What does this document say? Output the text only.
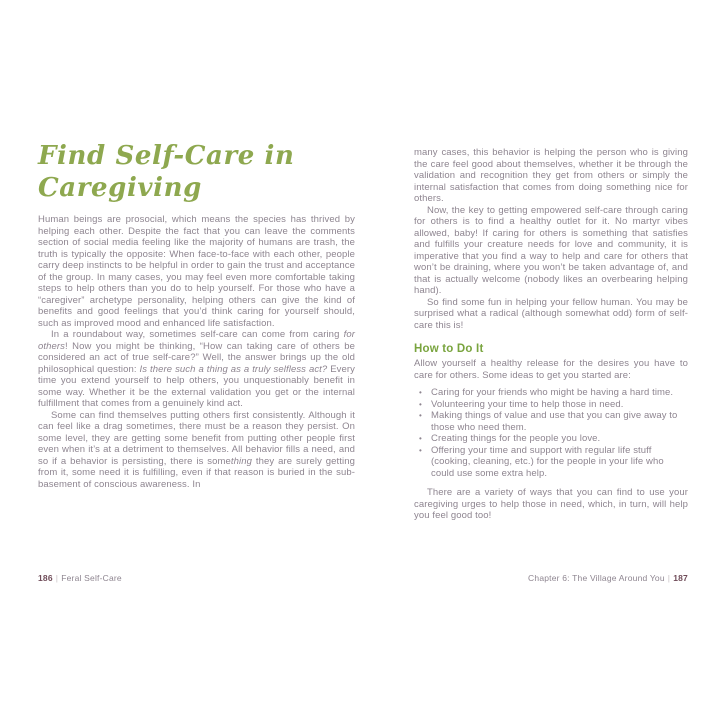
Find Self-Care in
Caregiving

Human beings are prosocial, which means the species has thrived by helping each other. Despite the fact that you can leave the comments section of social media feeling like the majority of humans are trash, the truth is typically the opposite: When face-to-face with each other, people carry deep instincts to be helpful in order to gain the trust and acceptance of the group. In many cases, you may feel even more comfortable taking steps to help others than you do to help yourself. For those who have a “caregiver” archetype personality, helping others can give the kind of benefits and good feelings that you’d think caring for yourself should, such as improved mood and enhanced life satisfaction.

In a roundabout way, sometimes self-care can come from caring for others! Now you might be thinking, “How can taking care of others be considered an act of true self-care?” Well, the answer brings up the old philosophical question: Is there such a thing as a truly selfless act? Every time you extend yourself to help others, you unquestionably benefit in some way. Whether it be the external validation you get or the internal fulfillment that comes from a genuinely kind act.

Some can find themselves putting others first consistently. Although it can feel like a drag sometimes, there must be a reason they persist. On some level, they are getting some benefit from putting other people first even when it’s at a detriment to themselves. All behavior fills a need, and so if a behavior is persisting, there is something they are surely getting from it, some need it is fulfilling, even if that reason is buried in the sub-basement of conscious awareness. In

many cases, this behavior is helping the person who is giving the care feel good about themselves, whether it be through the validation and recognition they get from others or simply the internal satisfaction that comes from doing something nice for others.

Now, the key to getting empowered self-care through caring for others is to find a healthy outlet for it. No martyr vibes allowed, baby! If caring for others is something that satisfies and fulfills your creature needs for love and community, it is imperative that you find a way to help and care for others that won’t be draining, where you won’t be taken advantage of, and that is actually welcome (nobody likes an overbearing helping hand).

So find some fun in helping your fellow human. You may be surprised what a radical (although somewhat odd) form of self-care this is!

How to Do It

Allow yourself a healthy release for the desires you have to care for others. Some ideas to get you started are:

• Caring for your friends who might be having a hard time.
• Volunteering your time to help those in need.
• Making things of value and use that you can give away to those who need them.
• Creating things for the people you love.
• Offering your time and support with regular life stuff (cooking, cleaning, etc.) for the people in your life who could use some extra help.

There are a variety of ways that you can find to use your caregiving urges to help those in need, which, in turn, will help you feel good too!

186 | Feral Self-Care	Chapter 6: The Village Around You | 187
